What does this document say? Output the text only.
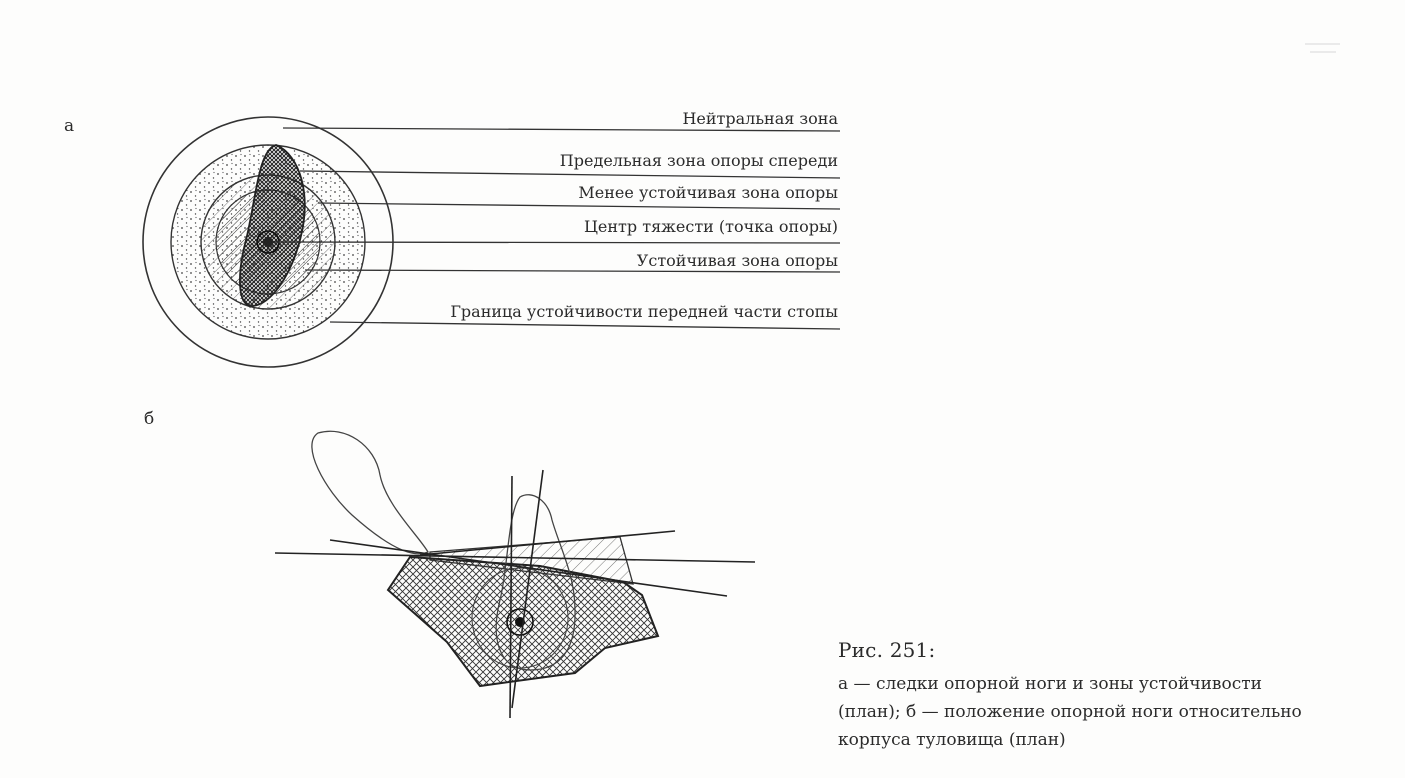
а
б
Нейтральная зона
Предельная зона опоры спереди
Менее устойчивая зона опоры
Центр тяжести (точка опоры)
Устойчивая зона опоры
Граница устойчивости передней части стопы
Рис. 251:
а — следки опорной ноги и зоны устойчивости
(план); б — положение опорной ноги относительно
корпуса туловища (план)
